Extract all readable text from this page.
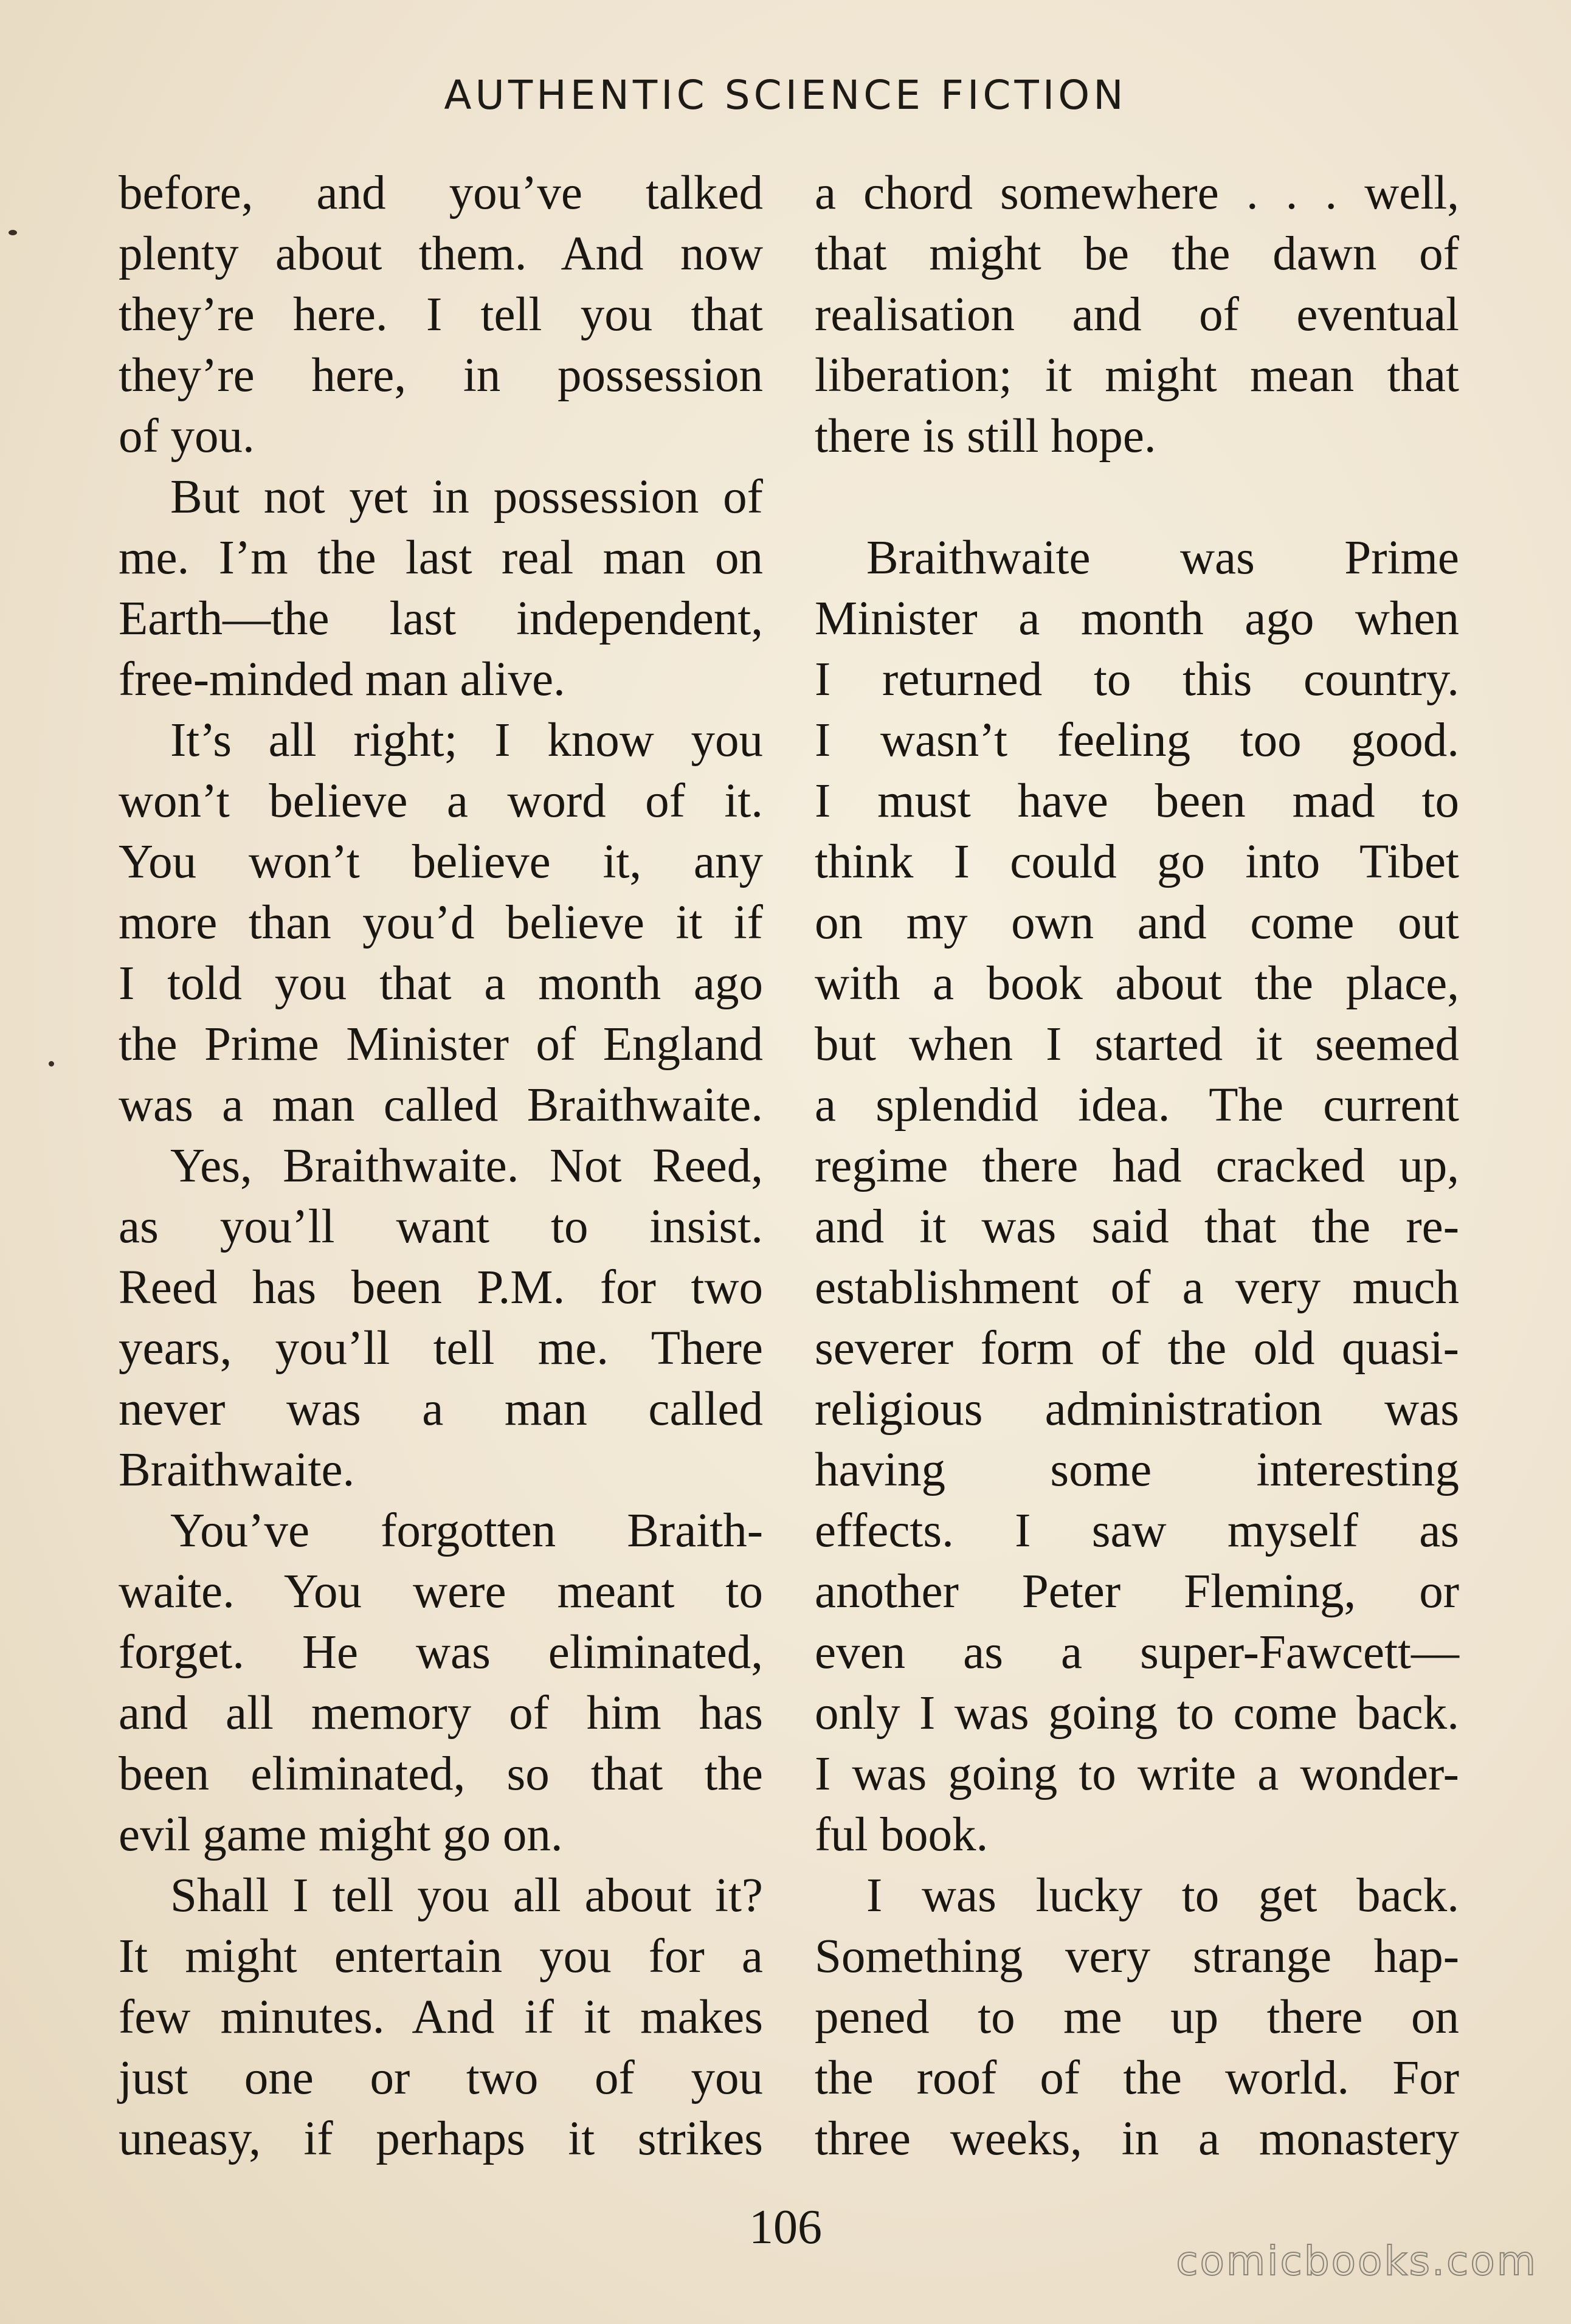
AUTHENTIC SCIENCE FICTION
before, and you’ve talked
plenty about them. And now
they’re here. I tell you that
they’re here, in possession
of you.
But not yet in possession of
me. I’m the last real man on
Earth—the last independent,
free-minded man alive.
It’s all right; I know you
won’t believe a word of it.
You won’t believe it, any
more than you’d believe it if
I told you that a month ago
the Prime Minister of England
was a man called Braithwaite.
Yes, Braithwaite. Not Reed,
as you’ll want to insist.
Reed has been P.M. for two
years, you’ll tell me. There
never was a man called
Braithwaite.
You’ve forgotten Braith-
waite. You were meant to
forget. He was eliminated,
and all memory of him has
been eliminated, so that the
evil game might go on.
Shall I tell you all about it?
It might entertain you for a
few minutes. And if it makes
just one or two of you
uneasy, if perhaps it strikes
a chord somewhere . . . well,
that might be the dawn of
realisation and of eventual
liberation; it might mean that
there is still hope.
Braithwaite was Prime
Minister a month ago when
I returned to this country.
I wasn’t feeling too good.
I must have been mad to
think I could go into Tibet
on my own and come out
with a book about the place,
but when I started it seemed
a splendid idea. The current
regime there had cracked up,
and it was said that the re-
establishment of a very much
severer form of the old quasi-
religious administration was
having some interesting
effects. I saw myself as
another Peter Fleming, or
even as a super-Fawcett—
only I was going to come back.
I was going to write a wonder-
ful book.
I was lucky to get back.
Something very strange hap-
pened to me up there on
the roof of the world. For
three weeks, in a monastery
106
comicbooks.com
